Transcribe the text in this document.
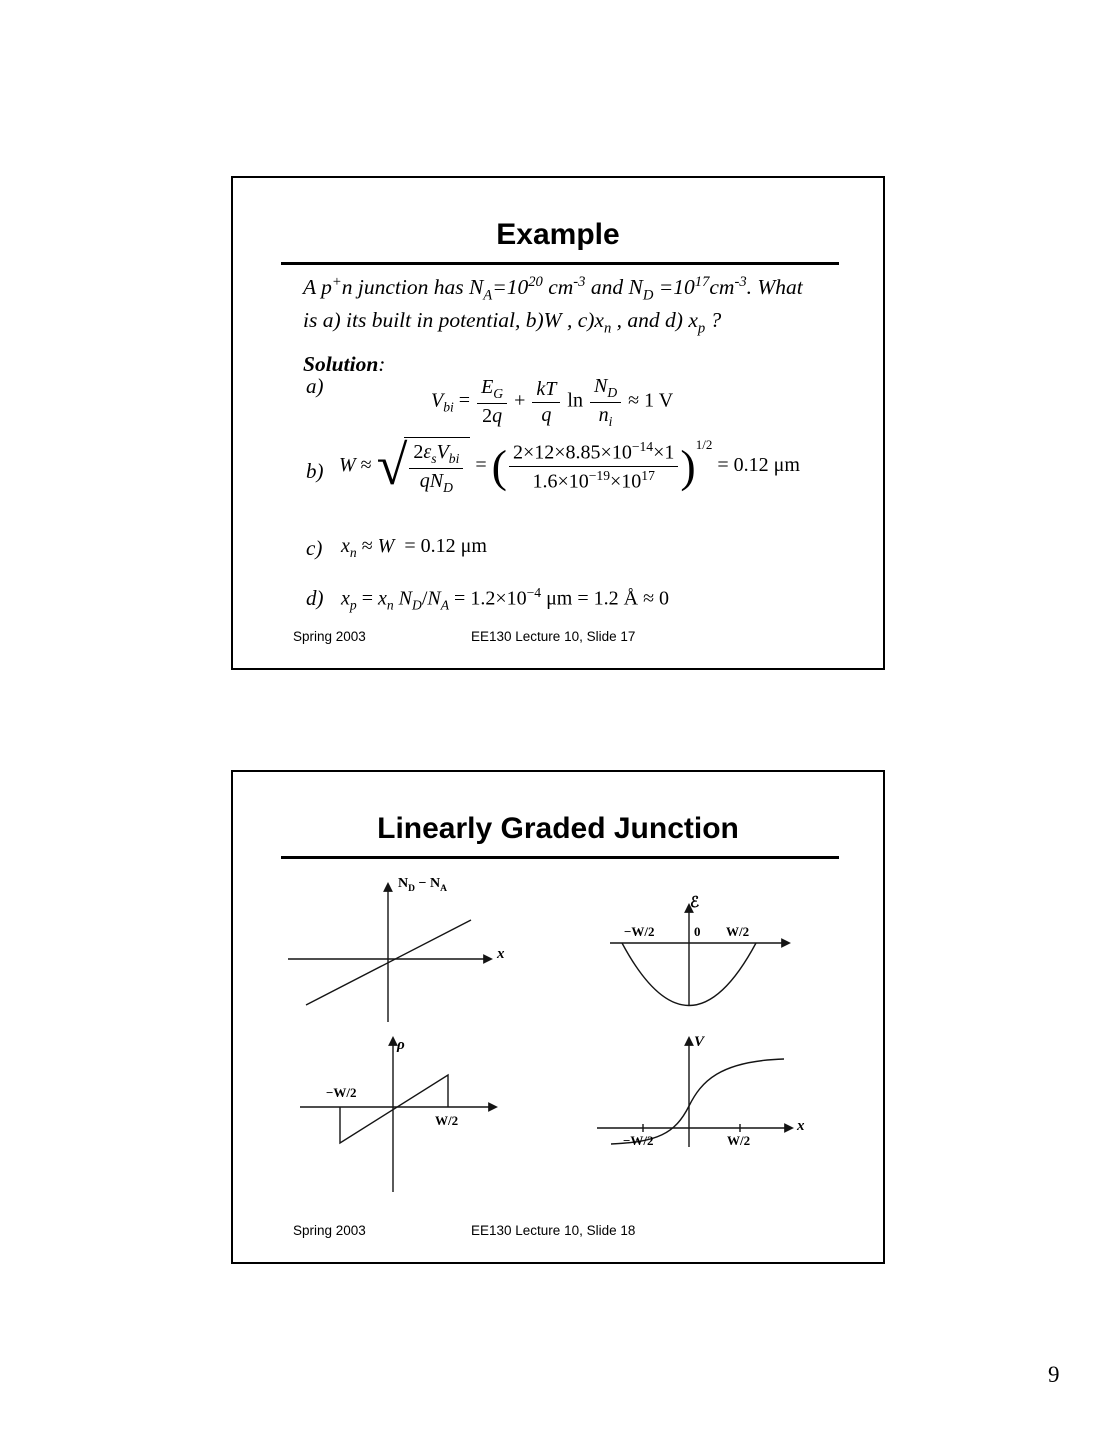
Example

A p+n junction has $N_A=10^{20}$ $cm^{-3}$ and $N_D =10^{17}cm^{-3}$. What
is a) its built in potential, b)W , $c)x_n$ , and d) $x_p$ ?

Solution:

a)
$V_{bi} = \frac{E_G}{2q} + \frac{kT}{q}$ $\ln \frac{N_D}{n_i} \approx 1$ V
b) W ≈ √ $\frac{2\varepsilon_sV_{bi}}{qN_D}$ = ( $\frac{2\times 12\times 8.85\times 10^{-14}\times 1}{1.6\times 10^{-19}\times 10^{17}} )^{1/2} = 0.12$ μm
c) $x_n \approx W = 0.12$ μm
d) $x_p = x_n$ $N_D/N_A = 1.2\times 10^{-4}$ μm = 1.2 Å ≈ 0
Spring 2003	EE130 Lecture 10, Slide 17
Linearly Graded Junction
$N_D - N_A$
x
ℰ
−W/2	0 W/2
ρ
−W/2
W/2
V
−W/2	W/2
x
Spring 2003	EE130 Lecture 10, Slide 18
9
